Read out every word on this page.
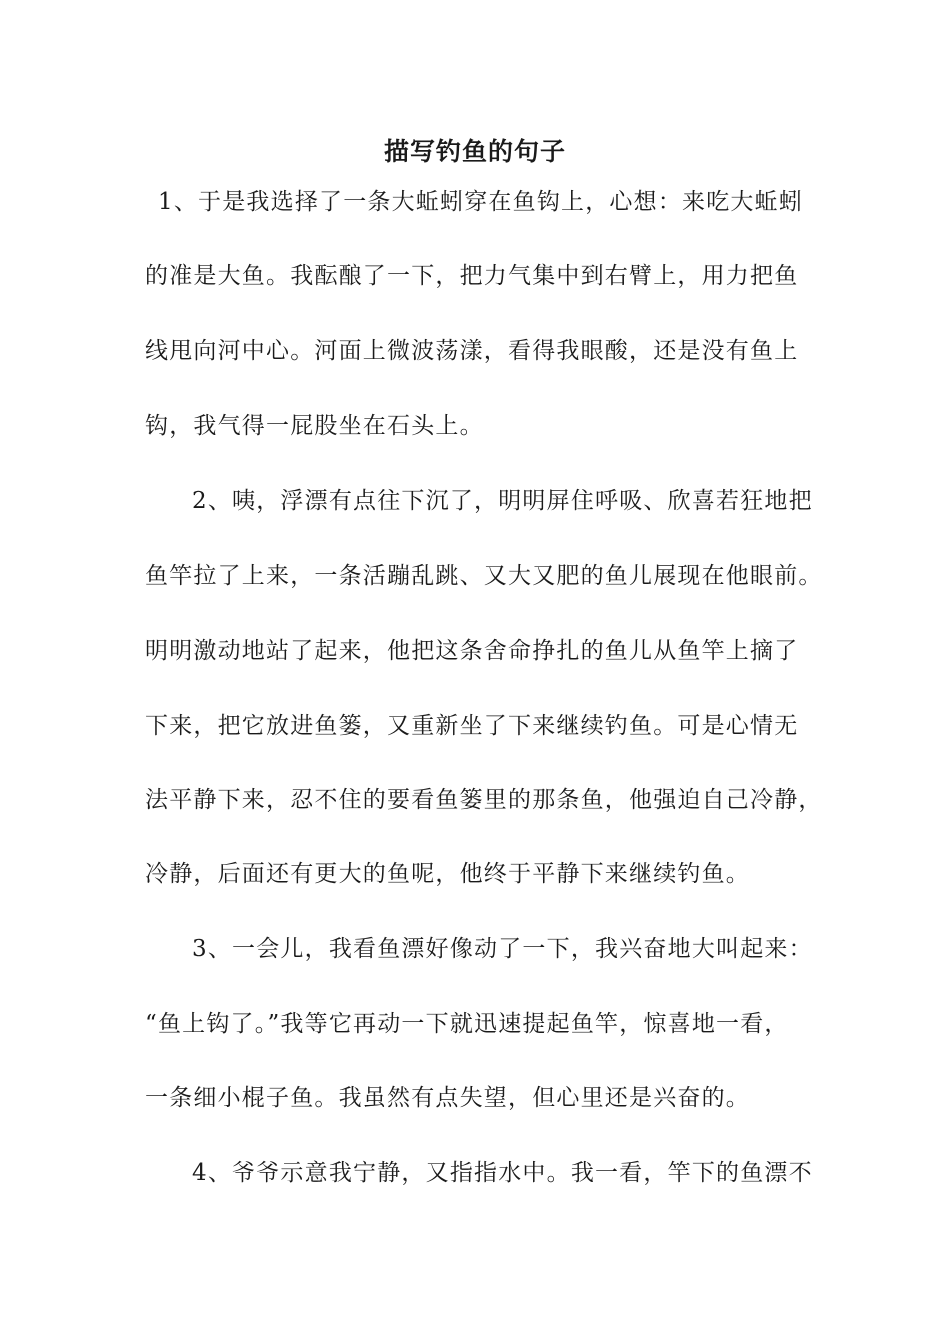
描写钓鱼的句子
1、于是我选择了一条大蚯蚓穿在鱼钩上，心想：来吃大蚯蚓
的准是大鱼。我酝酿了一下，把力气集中到右臂上，用力把鱼
线甩向河中心。河面上微波荡漾，看得我眼酸，还是没有鱼上
钩，我气得一屁股坐在石头上。
2、咦，浮漂有点往下沉了，明明屏住呼吸、欣喜若狂地把
鱼竿拉了上来，一条活蹦乱跳、又大又肥的鱼儿展现在他眼前。
明明激动地站了起来，他把这条舍命挣扎的鱼儿从鱼竿上摘了
下来，把它放进鱼篓，又重新坐了下来继续钓鱼。可是心情无
法平静下来，忍不住的要看鱼篓里的那条鱼，他强迫自己冷静，
冷静，后面还有更大的鱼呢，他终于平静下来继续钓鱼。
3、一会儿，我看鱼漂好像动了一下，我兴奋地大叫起来：
“鱼上钩了。”我等它再动一下就迅速提起鱼竿，惊喜地一看，
一条细小棍子鱼。我虽然有点失望，但心里还是兴奋的。
4、爷爷示意我宁静，又指指水中。我一看，竿下的鱼漂不
